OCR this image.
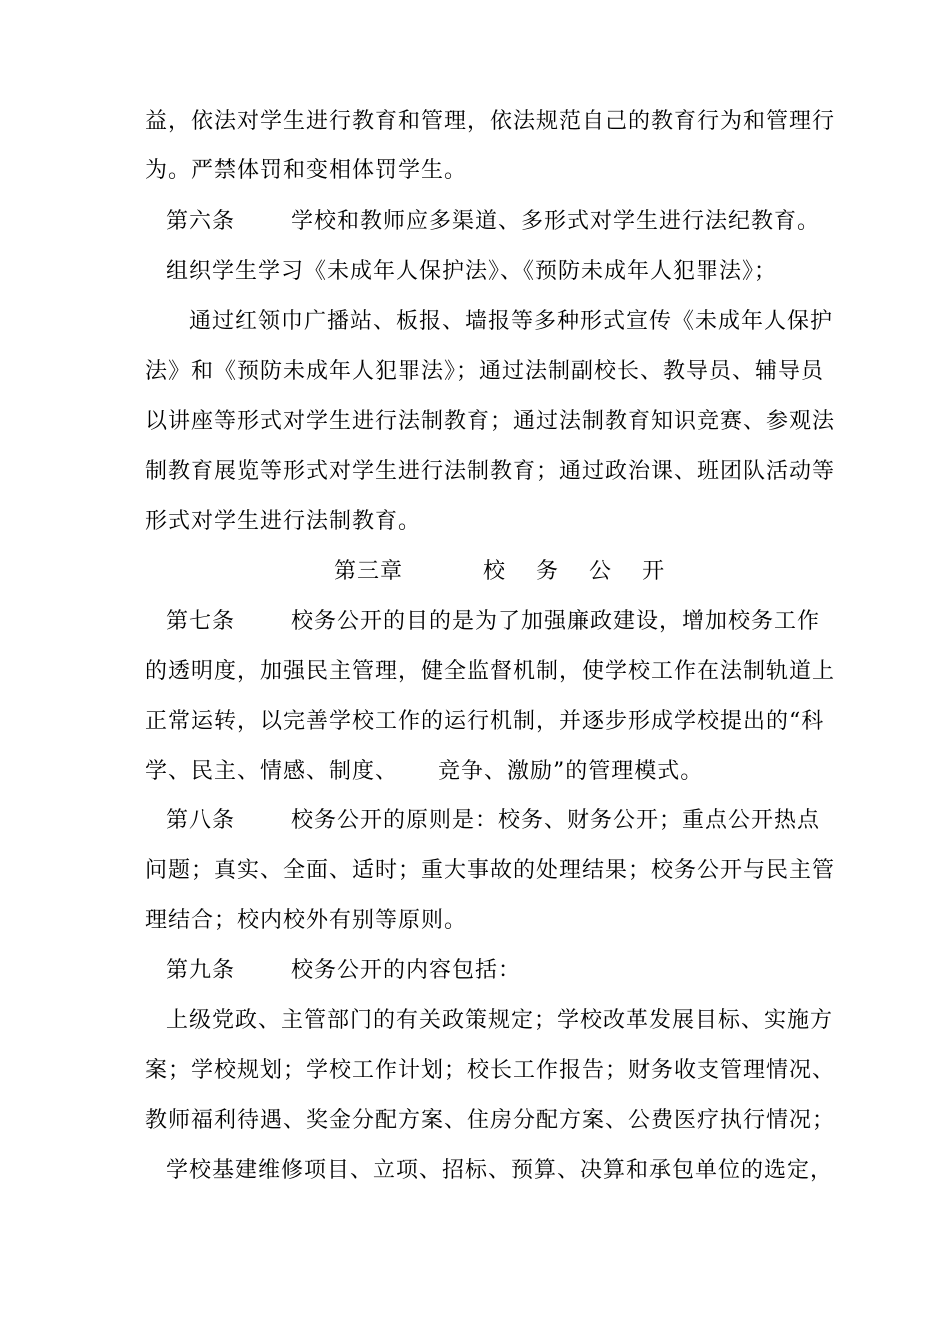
益，依法对学生进行教育和管理，依法规范自己的教育行为和管理行
为。严禁体罚和变相体罚学生。
第六条	学校和教师应多渠道、多形式对学生进行法纪教育。
组织学生学习《未成年人保护法》、《预防未成年人犯罪法》；
通过红领巾广播站、板报、墙报等多种形式宣传《未成年人保护
法》和《预防未成年人犯罪法》；通过法制副校长、教导员、辅导员
以讲座等形式对学生进行法制教育；通过法制教育知识竞赛、参观法
制教育展览等形式对学生进行法制教育；通过政治课、班团队活动等
形式对学生进行法制教育。
第三章	校 务 公 开
第七条	校务公开的目的是为了加强廉政建设，增加校务工作
的透明度，加强民主管理，健全监督机制，使学校工作在法制轨道上
正常运转，以完善学校工作的运行机制，并逐步形成学校提出的“科
学、民主、情感、制度、 竞争、激励”的管理模式。
第八条	校务公开的原则是：校务、财务公开；重点公开热点
问题；真实、全面、适时；重大事故的处理结果；校务公开与民主管
理结合；校内校外有别等原则。
第九条	校务公开的内容包括：
上级党政、主管部门的有关政策规定；学校改革发展目标、实施方
案；学校规划；学校工作计划；校长工作报告；财务收支管理情况、
教师福利待遇、奖金分配方案、住房分配方案、公费医疗执行情况；
学校基建维修项目、立项、招标、预算、决算和承包单位的选定，
